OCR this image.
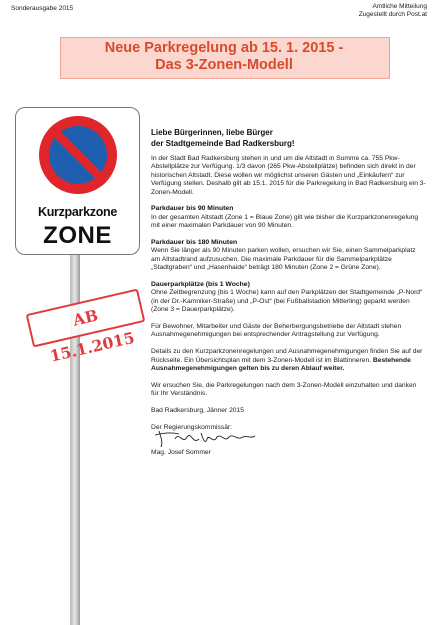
Sonderausgabe 2015	Amtliche Mitteilung
Zugestellt durch Post.at
Neue Parkregelung ab 15. 1. 2015 -
Das 3-Zonen-Modell
Kurzparkzone
ZONE
AB 15.1.2015
Liebe Bürgerinnen, liebe Bürger
der Stadtgemeinde Bad Radkersburg!

In der Stadt Bad Radkersburg stehen in und um die Altstadt in Summe ca. 755 Pkw-Abstellplätze zur Verfügung. 1/3 davon (265 Pkw-Abstellplätze) befinden sich direkt in der historischen Altstadt. Diese wollen wir möglichst unseren Gästen und „Einkäufern“ zur Verfügung stellen. Deshalb gilt ab 15.1. 2015 für die Parkregelung in Bad Radkersburg ein 3-Zonen-Modell.

Parkdauer bis 90 Minuten

In der gesamten Altstadt (Zone 1 = Blaue Zone) gilt wie bisher die Kurzparkzonenregelung mit einer maximalen Parkdauer von 90 Minuten.

Parkdauer bis 180 Minuten

Wenn Sie länger als 90 Minuten parken wollen, ersuchen wir Sie, einen Sammelparkplatz am Altstadtrand aufzusuchen. Die maximale Parkdauer für die Sammelparkplätze „Stadtgraben“ und „Hasenhaide“ beträgt 180 Minuten (Zone 2 = Grüne Zone).

Dauerparkplätze (bis 1 Woche)

Ohne Zeitbegrenzung (bis 1 Woche) kann auf den Parkplätzen der Stadtgemeinde „P-Nord“ (in der Dr.-Kamniker-Straße) und „P-Ost“ (bei Fußballstadion Mitterling) geparkt werden (Zone 3 = Dauerparkplätze).

Für Bewohner, Mitarbeiter und Gäste der Beherbergungsbetriebe der Altstadt stehen Ausnahmegenehmigungen bei entsprechender Antragstellung zur Verfügung.

Details zu den Kurzparkzonenregelungen und Ausnahmegenehmigungen finden Sie auf der Rückseite. Ein Übersichtsplan mit dem 3-Zonen-Modell ist im Blattinneren. Bestehende Ausnahmegenehmigungen gelten bis zu deren Ablauf weiter.

Wir ersuchen Sie, die Parkregelungen nach dem 3-Zonen-Modell einzuhalten und danken für Ihr Verständnis.

Bad Radkersburg, Jänner 2015

Der Regierungskommissär:
Mag. Josef Sommer
